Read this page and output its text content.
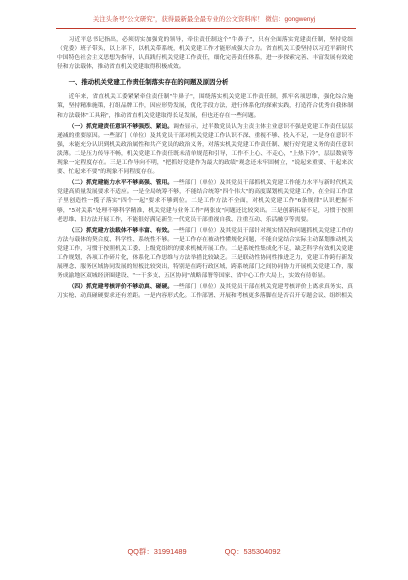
关注头条号"公文研究"，获得最新最全最专业的公文资料库！ 微信：gongwenyj

习近平总书记指出，必须切实加强党的领导，牵住责任制这个"牛鼻子"，只有全面落实党建责任制，坚持党组（党委）班子带头，以上率下，以机关带系统，机关党建工作才能形成强大合力。省直机关工委坚持以习近平新时代中国特色社会主义思想为指导，认真践行机关党建工作责任，细化完善责任体系，进一步探索完善、丰富发展有效途径和方法载体，推动省直机关党建取得积极成效。

一、推动机关党建工作责任制落实存在的问题及原因分析

近年来，省直机关工委紧紧牵住责任制"牛鼻子"，围绕落实机关党建工作责任制，抓牢名项思维，强化综合施策，坚持精准施策，打组品牌工作，因应形势发展，优化手段方法，进行体系化的探索实践，打造符合优秀自我体制和方法载体"工具箱"，推动省直机关党建取得长足发展，但也还存在一些问题。

（一）抓党建责任意识不够强烈、紧迫。调查显示，过半数党员认为主责主体主业意识不强是党建工作责任层层递减的重要原因。一些部门（单位）及其党员干部对机关党建工作认识不深、重视不够、投入不足，一是身在意识不强，未能充分认识到机关政治属性和共产党员的政治义务，对落实机关党建工作责任制、履行好党建义务的责任意识淡薄。二是压力传导不畅，机关党建工作责任既未清单规范和引导，工作不上心、不走心，"上热下冷"，层层数衰等现象一定程度存在。三是工作导向不明，"把抓好党建作为最大的政绩"观念还未牢固树立，"说起来重要、干起来次要、忙起来不要"的现象不同程度存在。

（二）抓党建能力水平不够高强、管用。一些部门（单位）及其党员干部抓机关党建工作能力水平与新时代机关党建高质量发展要求不适应。一是全局统筹不够，不能结合统筹"四个伟大"的高度谋划机关党建工作，在全局工作盘子里创造性一揽子落实"四个一起"要求不够到位。二是工作方法不全面，对机关党建工作"6条规律"认识把握不够，"5对关系"处理不够科学精准，机关党建与业务工作"两张皮"问题还比较突出。三是创新拓展不足，习惯于按照老思维、旧方法开展工作，不能很好满足新生一代党员干部重视自我、注重互动、乐活融亨等需要。

（三）抓党建方法载体不够丰富、有效。一些部门（单位）及其党员干部针对现实情况和问题抓机关党建工作的方法与载体的契合度、科学性、系统性不够。一是工作存在被动性懂规化问题，不能自觉结合实际主动谋划推动机关党建工作，习惯于按照机关工委、上级党组织的要求机械开展工作。二是系统性集成化不足，缺乏科学有效机关党建工作规划，各项工作碎片化，体系化工作思维与方法举措比较缺乏。三是联动性协同性推进乏力，党建工作跨行新发展理念、服务区域协同发展的短板比较突出，特别是在跨行政区域，跨系统部门之间协同协力开展机关党建工作，服务成渝地区双城经济圈建设、"一干多支、五区协同"战略部署等国家、省中心工作大局上，实效有待彰显。

（四）抓党建考核评价不够动真、碰硬。一些部门（单位）及其党员干部在机关党建考核评价上离求真务实、真刀实枪、动真碰硬要求还有差距。一是内容形式化。工作部署、开展和考核更多落脚在是否召开专题会议、组织相关

QQ群：31991489	QQ：535304092
